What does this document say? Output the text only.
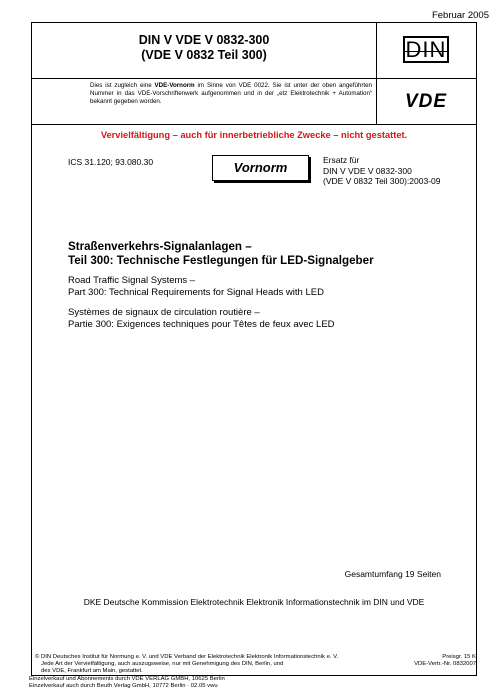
Februar 2005
DIN V VDE V 0832-300
(VDE V 0832 Teil 300)	DIN
VDE
Dies ist zugleich eine VDE-Vornorm im Sinne von VDE 0022. Sie ist unter der oben angeführten Nummer in das VDE-Vorschriftenwerk aufgenommen und in der „etz Elektrotechnik + Automation“ bekannt gegeben worden.
Vervielfältigung – auch für innerbetriebliche Zwecke – nicht gestattet.
ICS 31.120; 93.080.30	Vornorm	Ersatz für
DIN V VDE V 0832-300
(VDE V 0832 Teil 300):2003-09
Straßenverkehrs-Signalanlagen –
Teil 300: Technische Festlegungen für LED-Signalgeber
Road Traffic Signal Systems –
Part 300: Technical Requirements for Signal Heads with LED
Systèmes de signaux de circulation routière –
Partie 300: Exigences techniques pour Têtes de feux avec LED
Gesamtumfang 19 Seiten
DKE Deutsche Kommission Elektrotechnik Elektronik Informationstechnik im DIN und VDE
© DIN Deutsches Institut für Normung e. V. und VDE Verband der Elektrotechnik Elektronik Informationstechnik e. V.
Jede Art der Vervielfältigung, auch auszugsweise, nur mit Genehmigung des DIN, Berlin, und
des VDE, Frankfurt am Main, gestattet.
Preisgr. 15 K
VDE-Vertr.-Nr. 0832007
Einzelverkauf und Abonnements durch VDE VERLAG GMBH, 10625 Berlin
Einzelverkauf auch durch Beuth Verlag GmbH, 10772 Berlin · 02.05 vwu
